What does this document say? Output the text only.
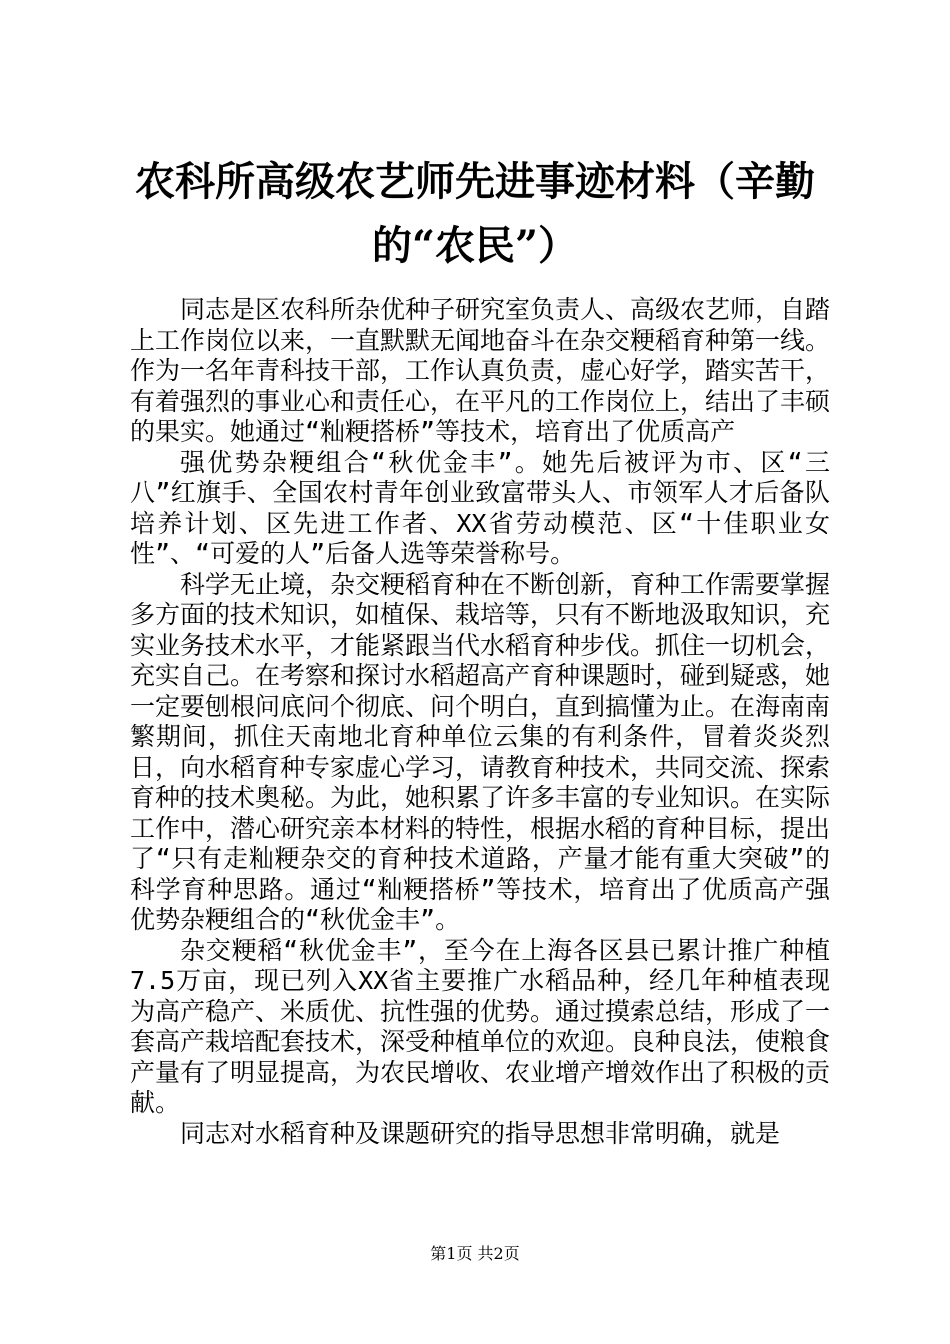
农科所高级农艺师先进事迹材料（辛勤的“农民”）

同志是区农科所杂优种子研究室负责人、高级农艺师，自踏上工作岗位以来，一直默默无闻地奋斗在杂交粳稻育种第一线。作为一名年青科技干部，工作认真负责，虚心好学，踏实苦干，有着强烈的事业心和责任心，在平凡的工作岗位上，结出了丰硕的果实。她通过“籼粳搭桥”等技术，培育出了优质高产

强优势杂粳组合“秋优金丰”。她先后被评为市、区“三八”红旗手、全国农村青年创业致富带头人、市领军人才后备队培养计划、区先进工作者、XX省劳动模范、区“十佳职业女性”、“可爱的人”后备人选等荣誉称号。

科学无止境，杂交粳稻育种在不断创新，育种工作需要掌握多方面的技术知识，如植保、栽培等，只有不断地汲取知识，充实业务技术水平，才能紧跟当代水稻育种步伐。抓住一切机会，充实自己。在考察和探讨水稻超高产育种课题时，碰到疑惑，她一定要刨根问底问个彻底、问个明白，直到搞懂为止。在海南南繁期间，抓住天南地北育种单位云集的有利条件，冒着炎炎烈日，向水稻育种专家虚心学习，请教育种技术，共同交流、探索育种的技术奥秘。为此，她积累了许多丰富的专业知识。在实际工作中，潜心研究亲本材料的特性，根据水稻的育种目标，提出了“只有走籼粳杂交的育种技术道路，产量才能有重大突破”的科学育种思路。通过“籼粳搭桥”等技术，培育出了优质高产强优势杂粳组合的“秋优金丰”。

杂交粳稻“秋优金丰”，至今在上海各区县已累计推广种植7.5万亩，现已列入XX省主要推广水稻品种，经几年种植表现为高产稳产、米质优、抗性强的优势。通过摸索总结，形成了一套高产栽培配套技术，深受种植单位的欢迎。良种良法，使粮食产量有了明显提高，为农民增收、农业增产增效作出了积极的贡献。

同志对水稻育种及课题研究的指导思想非常明确，就是

第1页 共2页
